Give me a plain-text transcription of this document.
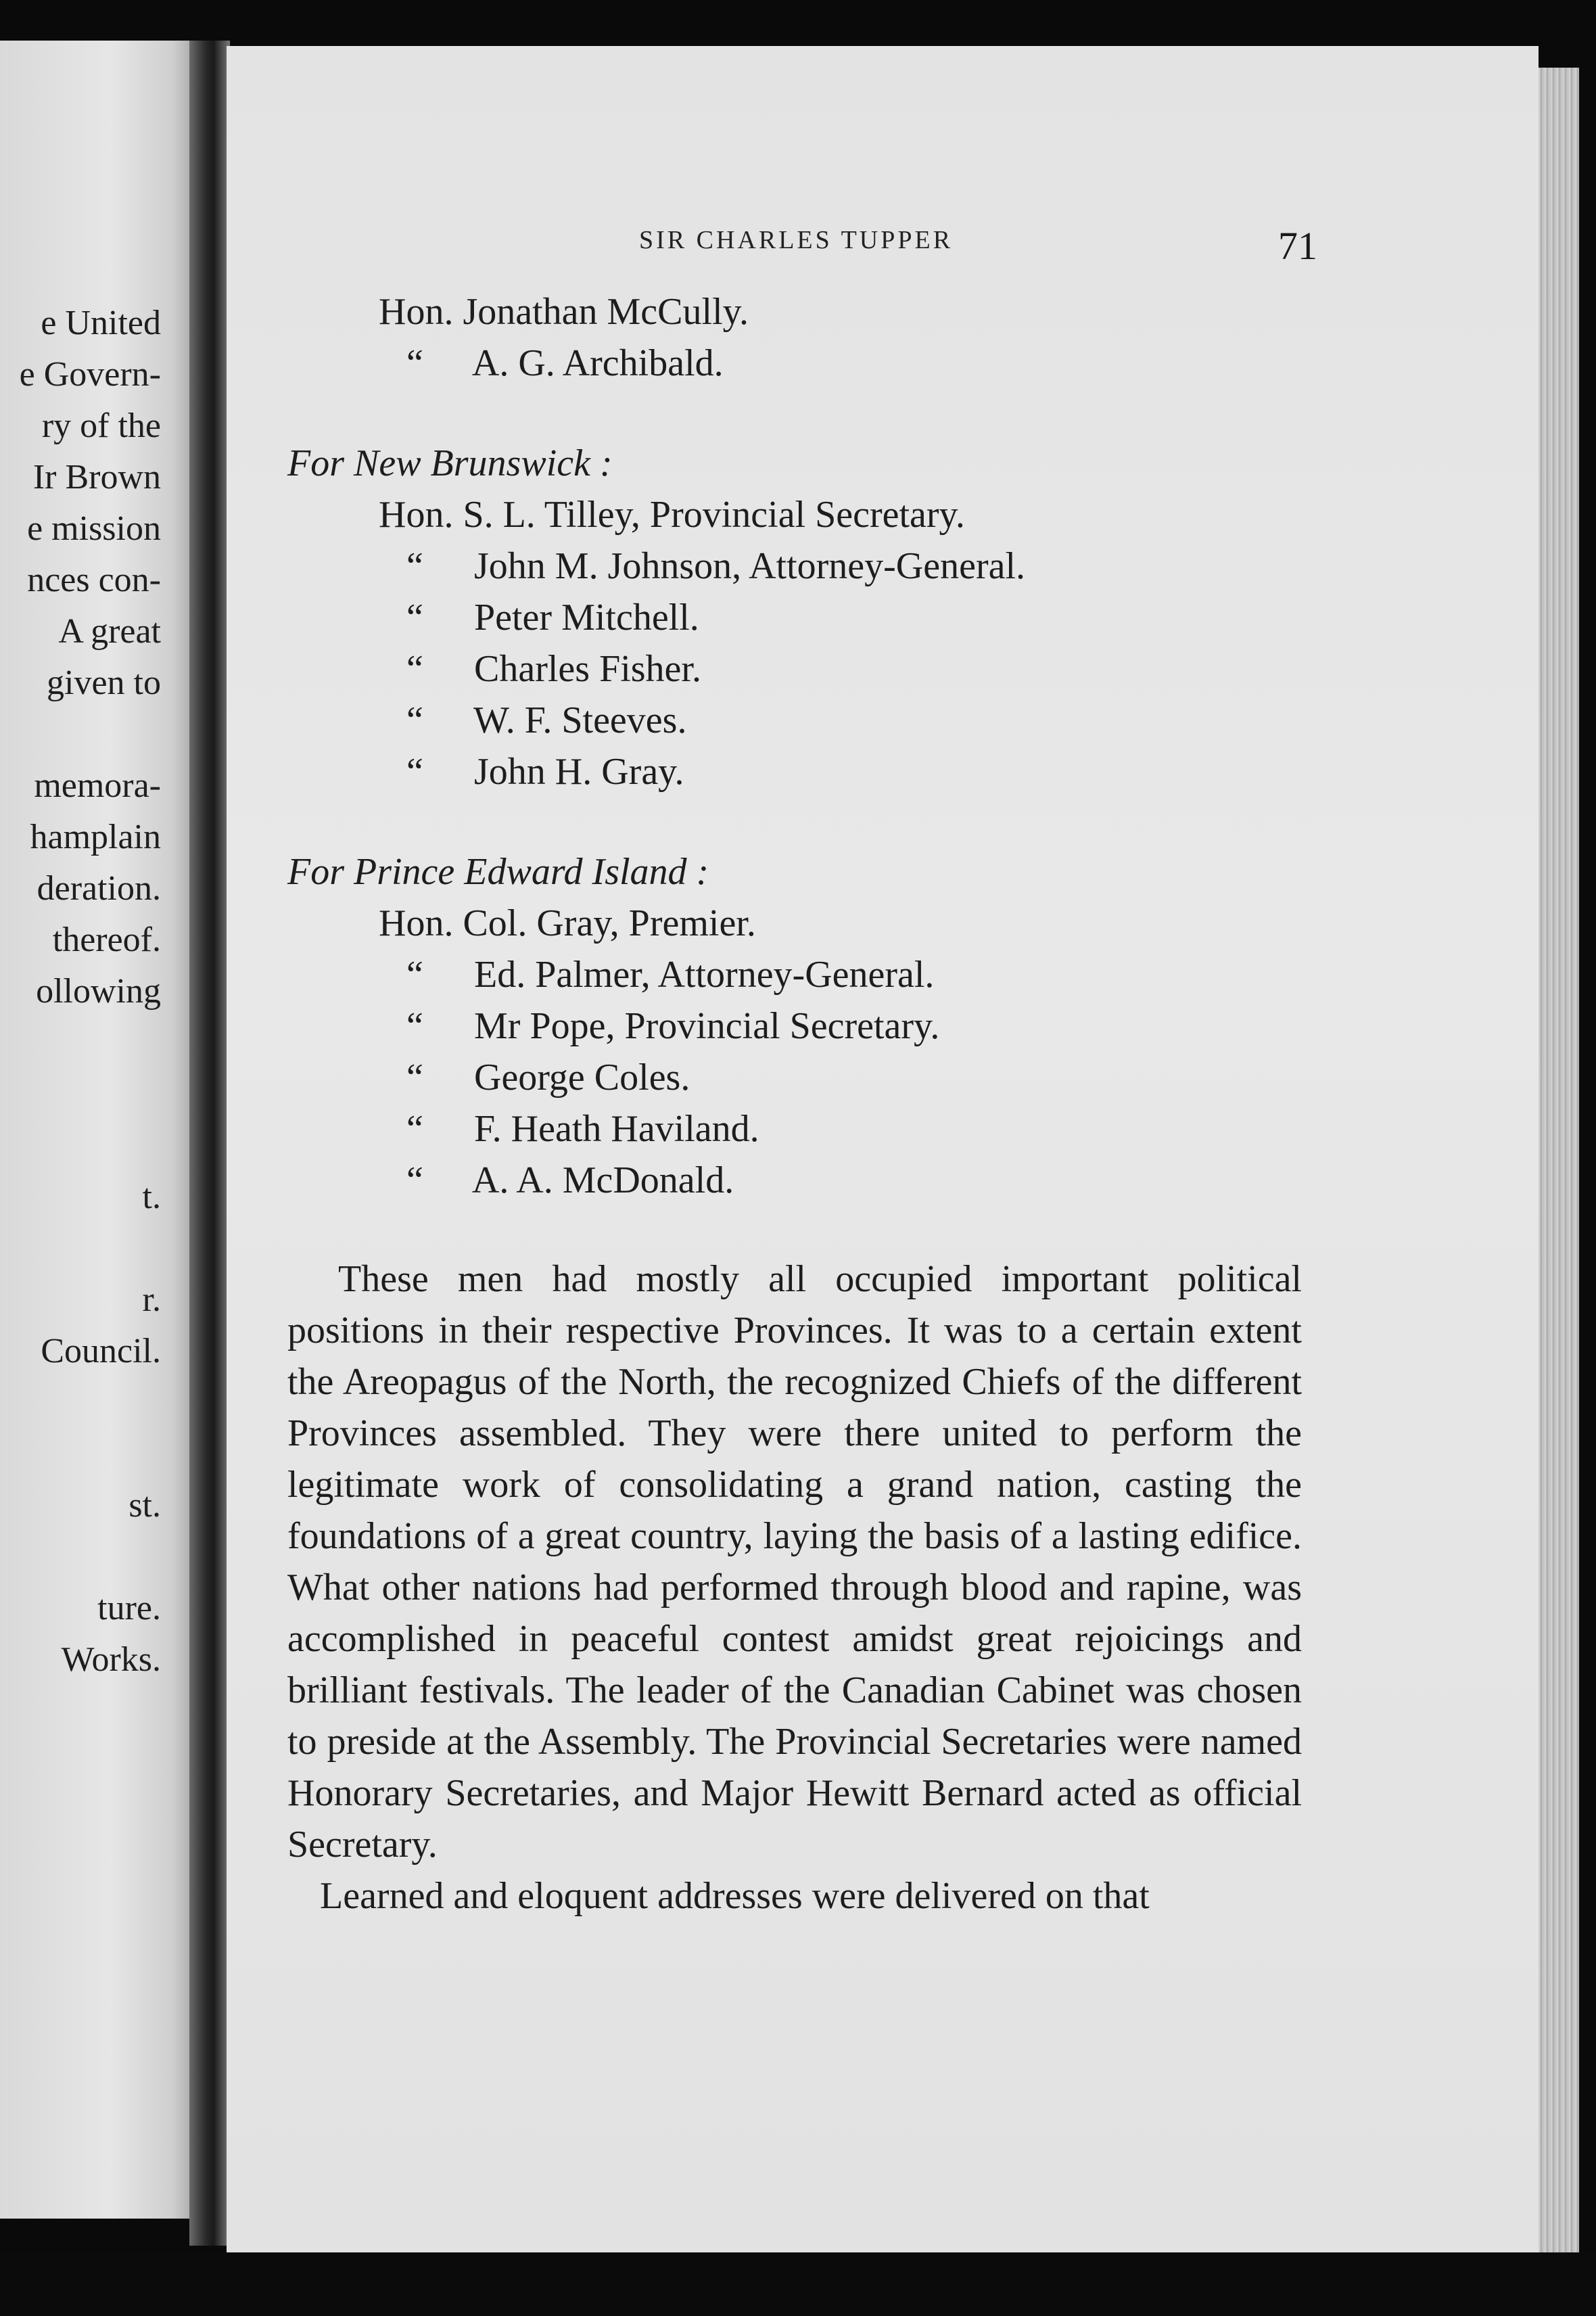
e United
e Govern-
ry of the
Ir Brown
e mission
nces con-
A great
given to
memora-
hamplain
deration.
thereof.
ollowing
t.
r.
Council.
st.
ture.
Works.
SIR CHARLES TUPPER	71
Hon. Jonathan McCully.
“ A. G. Archibald.
For New Brunswick :
Hon. S. L. Tilley, Provincial Secretary.
“ John M. Johnson, Attorney-General.
“ Peter Mitchell.
“ Charles Fisher.
“ W. F. Steeves.
“ John H. Gray.
For Prince Edward Island :
Hon. Col. Gray, Premier.
“ Ed. Palmer, Attorney-General.
“ Mr Pope, Provincial Secretary.
“ George Coles.
“ F. Heath Haviland.
“ A. A. McDonald.

These men had mostly all occupied important political positions in their respective Provinces. It was to a certain extent the Areopagus of the North, the recognized Chiefs of the different Provinces assembled. They were there united to perform the legitimate work of consolidating a grand nation, casting the foundations of a great country, laying the basis of a lasting edifice. What other nations had performed through blood and rapine, was accomplished in peaceful contest amidst great rejoicings and brilliant festivals. The leader of the Canadian Cabinet was chosen to preside at the Assembly. The Provincial Secretaries were named Honorary Secretaries, and Major Hewitt Bernard acted as official Secretary.

Learned and eloquent addresses were delivered on that
